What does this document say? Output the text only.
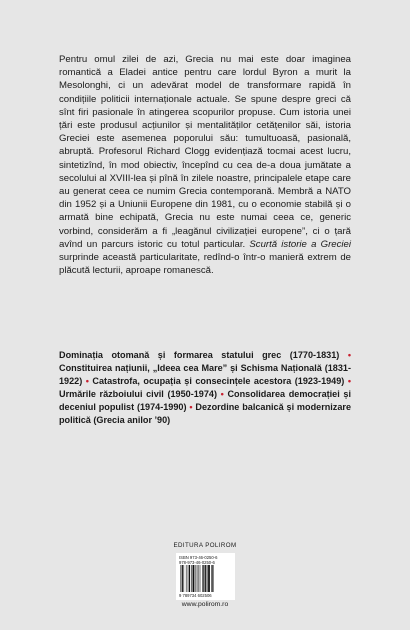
Pentru omul zilei de azi, Grecia nu mai este doar imaginea romantică a Eladei antice pentru care lordul Byron a murit la Mesolonghi, ci un adevărat model de transformare rapidă în condițiile politicii internaționale actuale. Se spune despre greci că sînt firi pasionale în atingerea scopurilor propuse. Cum istoria unei țări este produsul acțiunilor și mentalităților cetățenilor săi, istoria Greciei este asemenea poporului său: tumultuoasă, pasională, abruptă. Profesorul Richard Clogg evidențiază tocmai acest lucru, sintetizînd, în mod obiectiv, începînd cu cea de-a doua jumătate a secolului al XVIII-lea și pînă în zilele noastre, principalele etape care au generat ceea ce numim Grecia contemporană. Membră a NATO din 1952 și a Uniunii Europene din 1981, cu o economie stabilă și o armată bine echipată, Grecia nu este numai ceea ce, generic vorbind, considerăm a fi „leagănul civilizației europene”, ci o țară avînd un parcurs istoric cu totul particular. Scurtă istorie a Greciei surprinde această particularitate, redînd-o într-o manieră extrem de plăcută lecturii, aproape romanescă.

Dominația otomană și formarea statului grec (1770-1831) • Constituirea națiunii, „Ideea cea Mare” și Schisma Națională (1831-1922) • Catastrofa, ocupația și consecințele acestora (1923-1949) • Urmările războiului civil (1950-1974) • Consolidarea democrației și deceniul populist (1974-1990) • Dezordine balcanică și modernizare politică (Grecia anilor ’90)

EDITURA POLIROM
ISBN 973-46-0250-6
978-973-46-0250-6
9 789734 602506
www.polirom.ro
